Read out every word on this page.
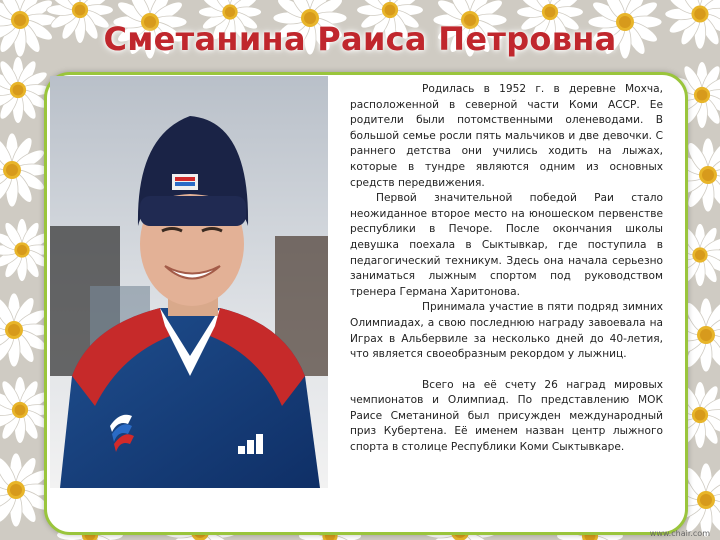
Сметанина Раиса Петровна

Родилась в 1952 г. в деревне Мохча, расположенной в северной части Коми АССР. Ее родители были потомственными оленеводами. В большой семье росли пять мальчиков и две девочки. С раннего детства они учились ходить на лыжах, которые в тундре являются одним из основных средств передвижения.

Первой значительной победой Раи стало неожиданное второе место на юношеском первенстве республики в Печоре. После окончания школы девушка поехала в Сыктывкар, где поступила в педагогический техникум. Здесь она начала серьезно заниматься лыжным спортом под руководством тренера Германа Харитонова.

Принимала участие в пяти подряд зимних Олимпиадах, а свою последнюю награду завоевала на Играх в Альбервиле за несколько дней до 40-летия, что является своеобразным рекордом у лыжниц.

Всего на её счету 26 наград мировых чемпионатов и Олимпиад. По представлению МОК Раисе Сметаниной был присужден международный приз Кубертена. Её именем назван центр лыжного спорта в столице Республики Коми Сыктывкаре.

www.chair.com
